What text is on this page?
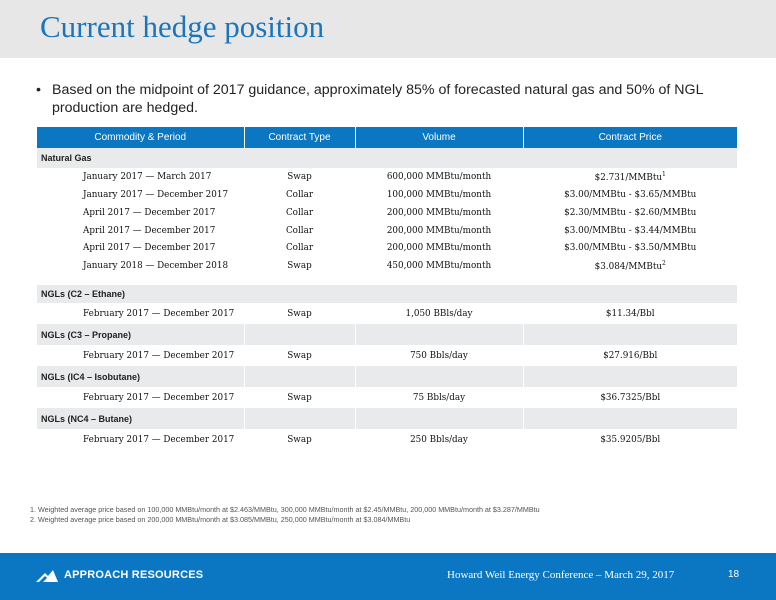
Current hedge position
• Based on the midpoint of 2017 guidance, approximately 85% of forecasted natural gas and 50% of NGL production are hedged.
Commodity & Period	Contract Type	Volume	Contract Price
Natural Gas			
January 2017 — March 2017	Swap	600,000 MMBtu/month	$2.731/MMBtu$^1$
January 2017 — December 2017	Collar	100,000 MMBtu/month	$3.00/MMBtu - $3.65/MMBtu
April 2017 — December 2017	Collar	200,000 MMBtu/month	$2.30/MMBtu - $2.60/MMBtu
April 2017 — December 2017	Collar	200,000 MMBtu/month	$3.00/MMBtu - $3.44/MMBtu
April 2017 — December 2017	Collar	200,000 MMBtu/month	$3.00/MMBtu - $3.50/MMBtu
January 2018 — December 2018	Swap	450,000 MMBtu/month	$3.084/MMBtu$^2$

NGLs (C2 – Ethane)			
February 2017 — December 2017	Swap	1,050 BBls/day	$11.34/Bbl
NGLs (C3 – Propane)			
February 2017 — December 2017	Swap	750 Bbls/day	$27.916/Bbl
NGLs (IC4 – Isobutane)			
February 2017 — December 2017	Swap	75 Bbls/day	$36.7325/Bbl
NGLs (NC4 – Butane)			
February 2017 — December 2017	Swap	250 Bbls/day	$35.9205/Bbl
1. Weighted average price based on 100,000 MMBtu/month at $2.463/MMBtu, 300,000 MMBtu/month at $2.45/MMBtu, 200,000 MMBtu/month at $3.287/MMBtu
2. Weighted average price based on 200,000 MMBtu/month at $3.085/MMBtu, 250,000 MMBtu/month at $3.084/MMBtu
APPROACH RESOURCES	Howard Weil Energy Conference – March 29, 2017	18
